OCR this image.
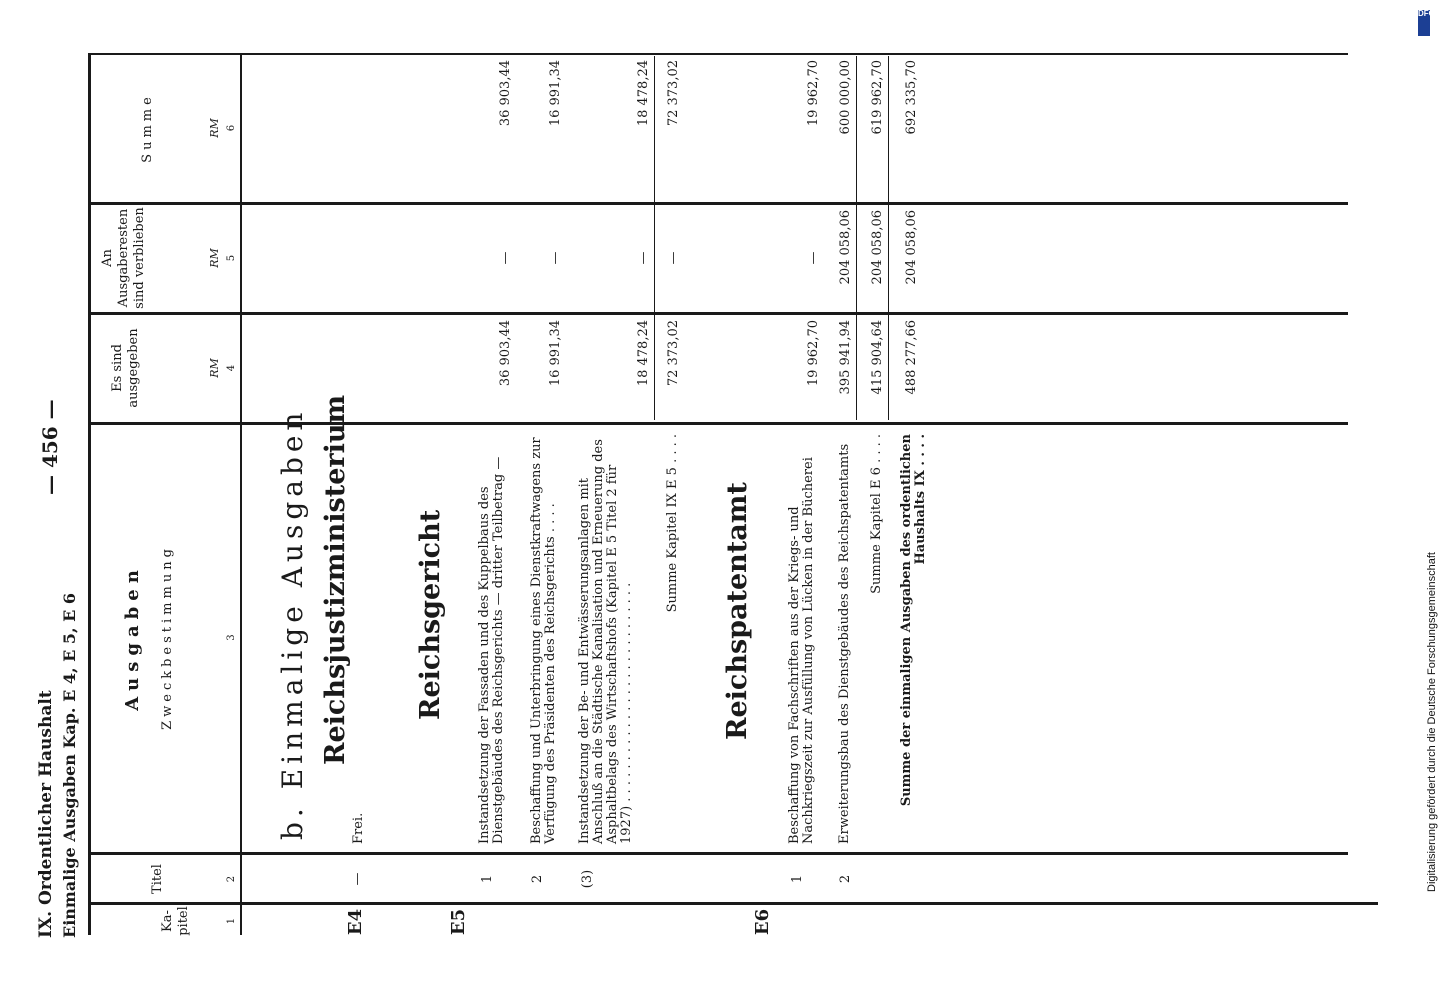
IX. Ordentlicher Haushalt Einmalige Ausgaben Kap. E 4, E 5, E 6
— 456 —
Ka-pitel
Titel
Ausgaben Zweckbestimmung
Es sind ausgegeben
An Ausgaberesten sind verblieben
Summe
RM
RM
RM
1
2
3
4
5
6
b. Einmalige Ausgaben Reichsjustizministerium
E4
—
Frei.
E5
Reichsgericht
1
Instandsetzung der Fassaden und des Kuppelbaus des Dienstgebäudes des Reichsgerichts — dritter Teilbetrag —
36 903,44
—
36 903,44
2
Beschaffung und Unterbringung eines Dienstkraftwagens zur Verfügung des Präsidenten des Reichsgerichts . . . .
16 991,34
—
16 991,34
(3)
Instandsetzung der Be- und Entwässerungsanlagen mit Anschluß an die Städtische Kanalisation und Erneuerung des Asphaltbelags des Wirtschaftshofs (Kapitel E 5 Titel 2 für 1927) . . . . . . . . . . . . . . . . . . . . . . . . . . .
18 478,24
—
18 478,24
Summe Kapitel IX E 5 . . . .
72 373,02
—
72 373,02
E6
Reichspatentamt
1
Beschaffung von Fachschriften aus der Kriegs- und Nachkriegszeit zur Ausfüllung von Lücken in der Bücherei
19 962,70
—
19 962,70
2
Erweiterungsbau des Dienstgebäudes des Reichspatentamts
395 941,94
204 058,06
600 000,00
Summe Kapitel E 6 . . . .
415 904,64
204 058,06
619 962,70
Summe der einmaligen Ausgaben des ordentlichen Haushalts IX . . . .
488 277,66
204 058,06
692 335,70
Digitalisierung gefördert durch die Deutsche Forschungsgemeinschaft
DFG
